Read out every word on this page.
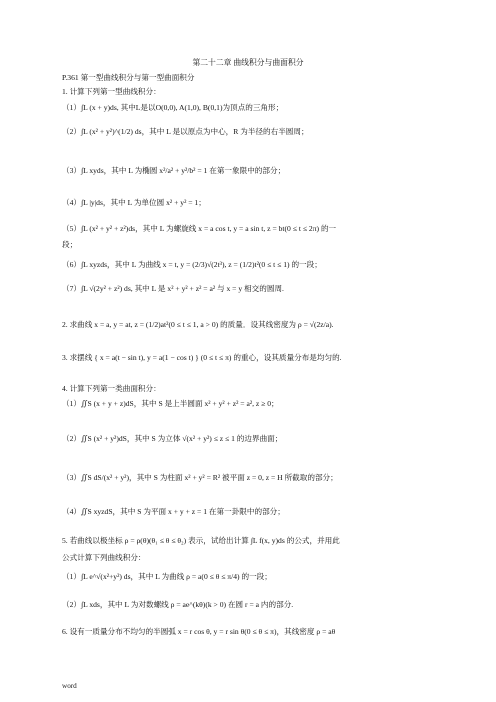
第二十二章 曲线积分与曲面积分
P.361 第一型曲线积分与第一型曲面积分
1. 计算下列第一型曲线积分：
（1）∫L (x + y)ds, 其中L是以O(0,0), A(1,0), B(0,1)为顶点的三角形；
（2）∫L (x² + y²)^(1/2) ds，其中 L 是以原点为中心，R 为半径的右半圆周；
（3）∫L xyds，其中 L 为椭圆 x²/a² + y²/b² = 1 在第一象限中的部分；
（4）∫L |y|ds，其中 L 为单位圆 x² + y² = 1；
（5）∫L (x² + y² + z²)ds，其中 L 为螺旋线 x = a cos t, y = a sin t, z = bt(0 ≤ t ≤ 2π) 的一
段；
（6）∫L xyzds，其中 L 为曲线 x = t, y = (2/3)√(2t³), z = (1/2)t²(0 ≤ t ≤ 1) 的一段；
（7）∫L √(2y² + z²) ds, 其中 L 是 x² + y² + z² = a² 与 x = y 相交的圆周.
2. 求曲线 x = a, y = at, z = (1/2)at²(0 ≤ t ≤ 1, a > 0) 的质量．设其线密度为 ρ = √(2z/a).
3. 求摆线 { x = a(t − sin t), y = a(1 − cos t) } (0 ≤ t ≤ π) 的重心，设其质量分布是均匀的.
4. 计算下列第一类曲面积分：
（1）∬S (x + y + z)dS，其中 S 是上半圆面 x² + y² + z² = a², z ≥ 0；
（2）∬S (x² + y²)dS，其中 S 为立体 √(x² + y²) ≤ z ≤ 1 的边界曲面；
（3）∬S dS/(x² + y²)，其中 S 为柱面 x² + y² = R² 被平面 z = 0, z = H 所截取的部分；
（4）∬S xyzdS，其中 S 为平面 x + y + z = 1 在第一卦限中的部分；
5. 若曲线以极坐标 ρ = ρ(θ)(θ₁ ≤ θ ≤ θ₂) 表示，试给出计算 ∫L f(x, y)ds 的公式，并用此
公式计算下列曲线积分：
（1）∫L e^√(x²+y²) ds，其中 L 为曲线 ρ = a(0 ≤ θ ≤ π/4) 的一段；
（2）∫L xds，其中 L 为对数螺线 ρ = ae^(kθ)(k > 0) 在圆 r = a 内的部分.
6. 设有一质量分布不均匀的半圆弧 x = r cos θ, y = r sin θ(0 ≤ θ ≤ π)，其线密度 ρ = aθ
word
